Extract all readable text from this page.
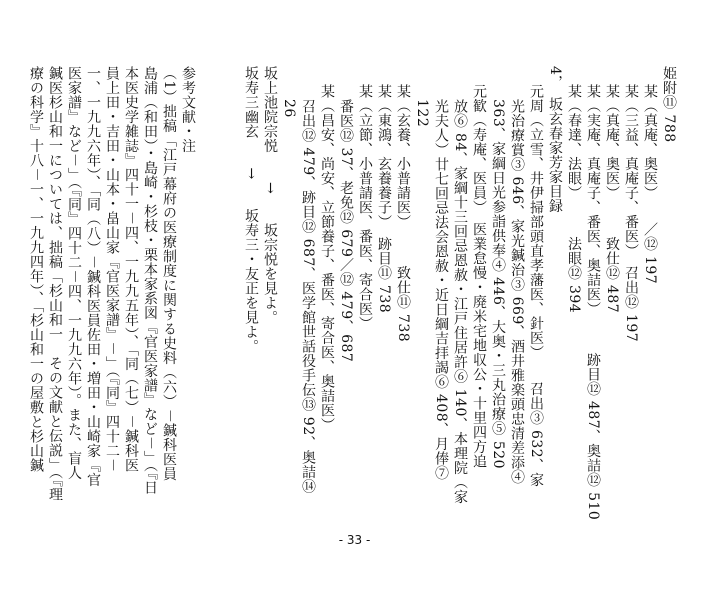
姫附⑪ 788
某（真庵、奥医）　　／⑫ 197
某（三益、真庵子、番医）　召出⑫ 197
某（真庵、奥医）　　　致仕⑫ 487
某（実庵、真庵子、番医、奥詰医）　　　跡目⑫ 487、奥詰⑫ 510
某（春達、法眼）　　　法眼⑫ 394
4，
坂玄春家芳家目録
元周（立雪、井伊掃部頭直孝藩医、針医）　　召出③ 632、家
光治療賞③ 646、家光鍼治③ 669、酒井雅楽頭忠清差添④
363、家綱日光参詣供奉④ 446、大奥・三丸治療⑤ 520
元歓（寿庵、医員）　医業怠慢・廃米宅地収公・十里四方追
放⑥ 84、家綱十三回忌恩赦・江戸住居許⑥ 140、本理院（家
光夫人）廿七回忌法会恩赦・近日綱吉拝謁⑥ 408、月俸⑦
122
某（玄養、小普請医）　　　致仕⑪ 738
某（東鴻、玄養養子）　跡目⑪ 738
某（立節、小普請医、番医、寄合医）
番医⑫ 37、老免⑫ 679／⑫ 479、687
某（昌安、尚安、立節養子、番医、寄合医、奥詰医）
召出⑫ 479、跡目⑫ 687、医学館世話役手伝⑬ 92、奥詰⑭
26
坂上池院宗悦　　→　　坂宗悦を見よ。
坂寿三幽玄　　→　　坂寿三・友正を見よ。
参考文献・注
（1）拙稿「江戸幕府の医療制度に関する史料（六）－鍼科医員
島浦（和田）・島崎・杉枝・栗本家系図『官医家譜』など－」（『日
本医史学雑誌』四十一－四、一九九五年）、「同（七）－鍼科医
員上田・吉田・山本・畠山家『官医家譜』－」（『同』四十二－
一、一九九六年）、「同（八）－鍼科医員佐田・増田・山崎家『官
医家譜』など－」（『同』四十二－四、一九九六年）。また、盲人
鍼医杉山和一については、拙稿「杉山和一　その文献と伝説」（『理
療の科学』十八－一、一九九四年）、「杉山和一の屋敷と杉山鍼
- 33 -
